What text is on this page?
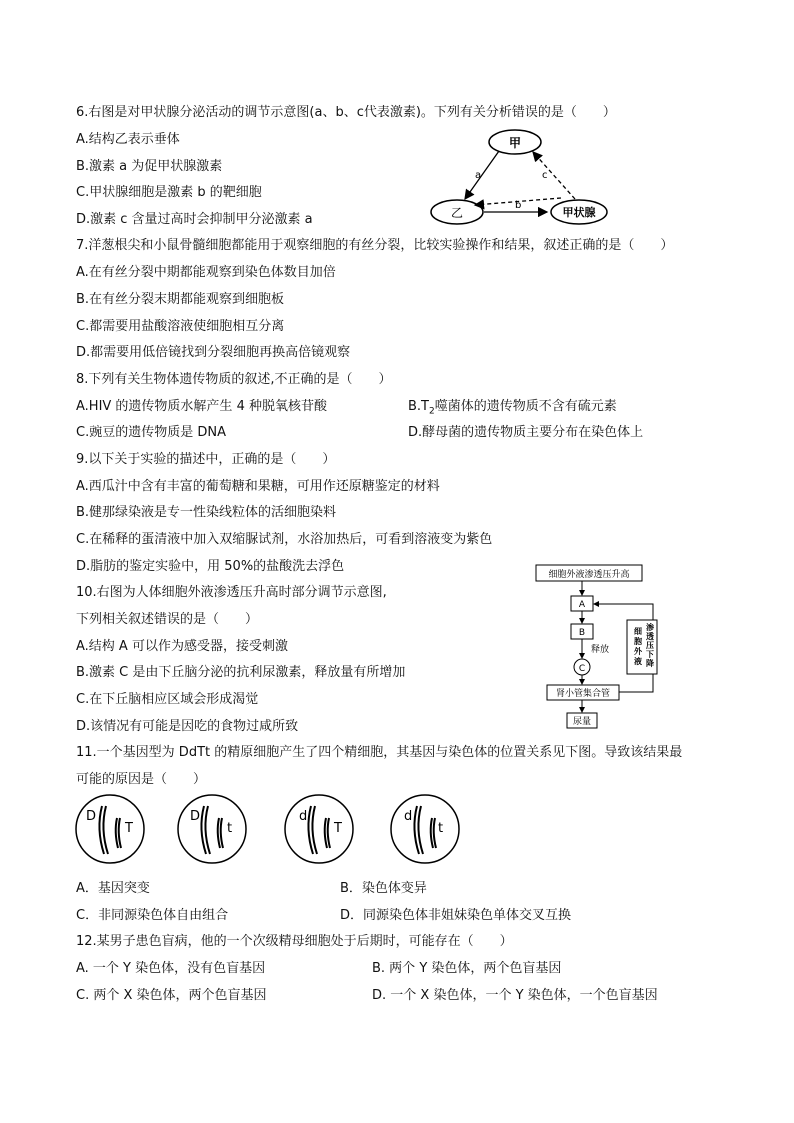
6.右图是对甲状腺分泌活动的调节示意图(a、b、c代表激素)。下列有关分析错误的是（　　）
A.结构乙表示垂体
B.激素 a 为促甲状腺激素
C.甲状腺细胞是激素 b 的靶细胞
D.激素 c 含量过高时会抑制甲分泌激素 a
甲
乙	甲状腺
a
b
c
7.洋葱根尖和小鼠骨髓细胞都能用于观察细胞的有丝分裂，比较实验操作和结果，叙述正确的是（　　）
A.在有丝分裂中期都能观察到染色体数目加倍
B.在有丝分裂末期都能观察到细胞板
C.都需要用盐酸溶液使细胞相互分离
D.都需要用低倍镜找到分裂细胞再换高倍镜观察
8.下列有关生物体遗传物质的叙述,不正确的是（　　）
A.HIV 的遗传物质水解产生 4 种脱氧核苷酸	$B.T_2$噬菌体的遗传物质不含有硫元素
C.豌豆的遗传物质是 DNA	D.酵母菌的遗传物质主要分布在染色体上
9.以下关于实验的描述中，正确的是（　　）
A.西瓜汁中含有丰富的葡萄糖和果糖，可用作还原糖鉴定的材料
B.健那绿染液是专一性染线粒体的活细胞染料
C.在稀释的蛋清液中加入双缩脲试剂，水浴加热后，可看到溶液变为紫色
D.脂肪的鉴定实验中，用 50%的盐酸洗去浮色
10.右图为人体细胞外液渗透压升高时部分调节示意图,
下列相关叙述错误的是（　　）
A.结构 A 可以作为感受器，接受刺激
B.激素 C 是由下丘脑分泌的抗利尿激素，释放量有所增加
C.在下丘脑相应区域会形成渴觉
D.该情况有可能是因吃的食物过咸所致
细胞外液渗透压升高
A
B
释放
C
肾小管集合管
尿量
细胞外液
渗透压下降
11.一个基因型为 DdTt 的精原细胞产生了四个精细胞，其基因与染色体的位置关系见下图。导致该结果最
可能的原因是（　　）
D
T
D
t
d
T
d
t
A．基因突变	B．染色体变异
C．非同源染色体自由组合	D．同源染色体非姐妹染色单体交叉互换
12.某男子患色盲病，他的一个次级精母细胞处于后期时，可能存在（　　）
A. 一个 Y 染色体，没有色盲基因	B. 两个 Y 染色体，两个色盲基因
C. 两个 X 染色体，两个色盲基因	D. 一个 X 染色体，一个 Y 染色体，一个色盲基因
